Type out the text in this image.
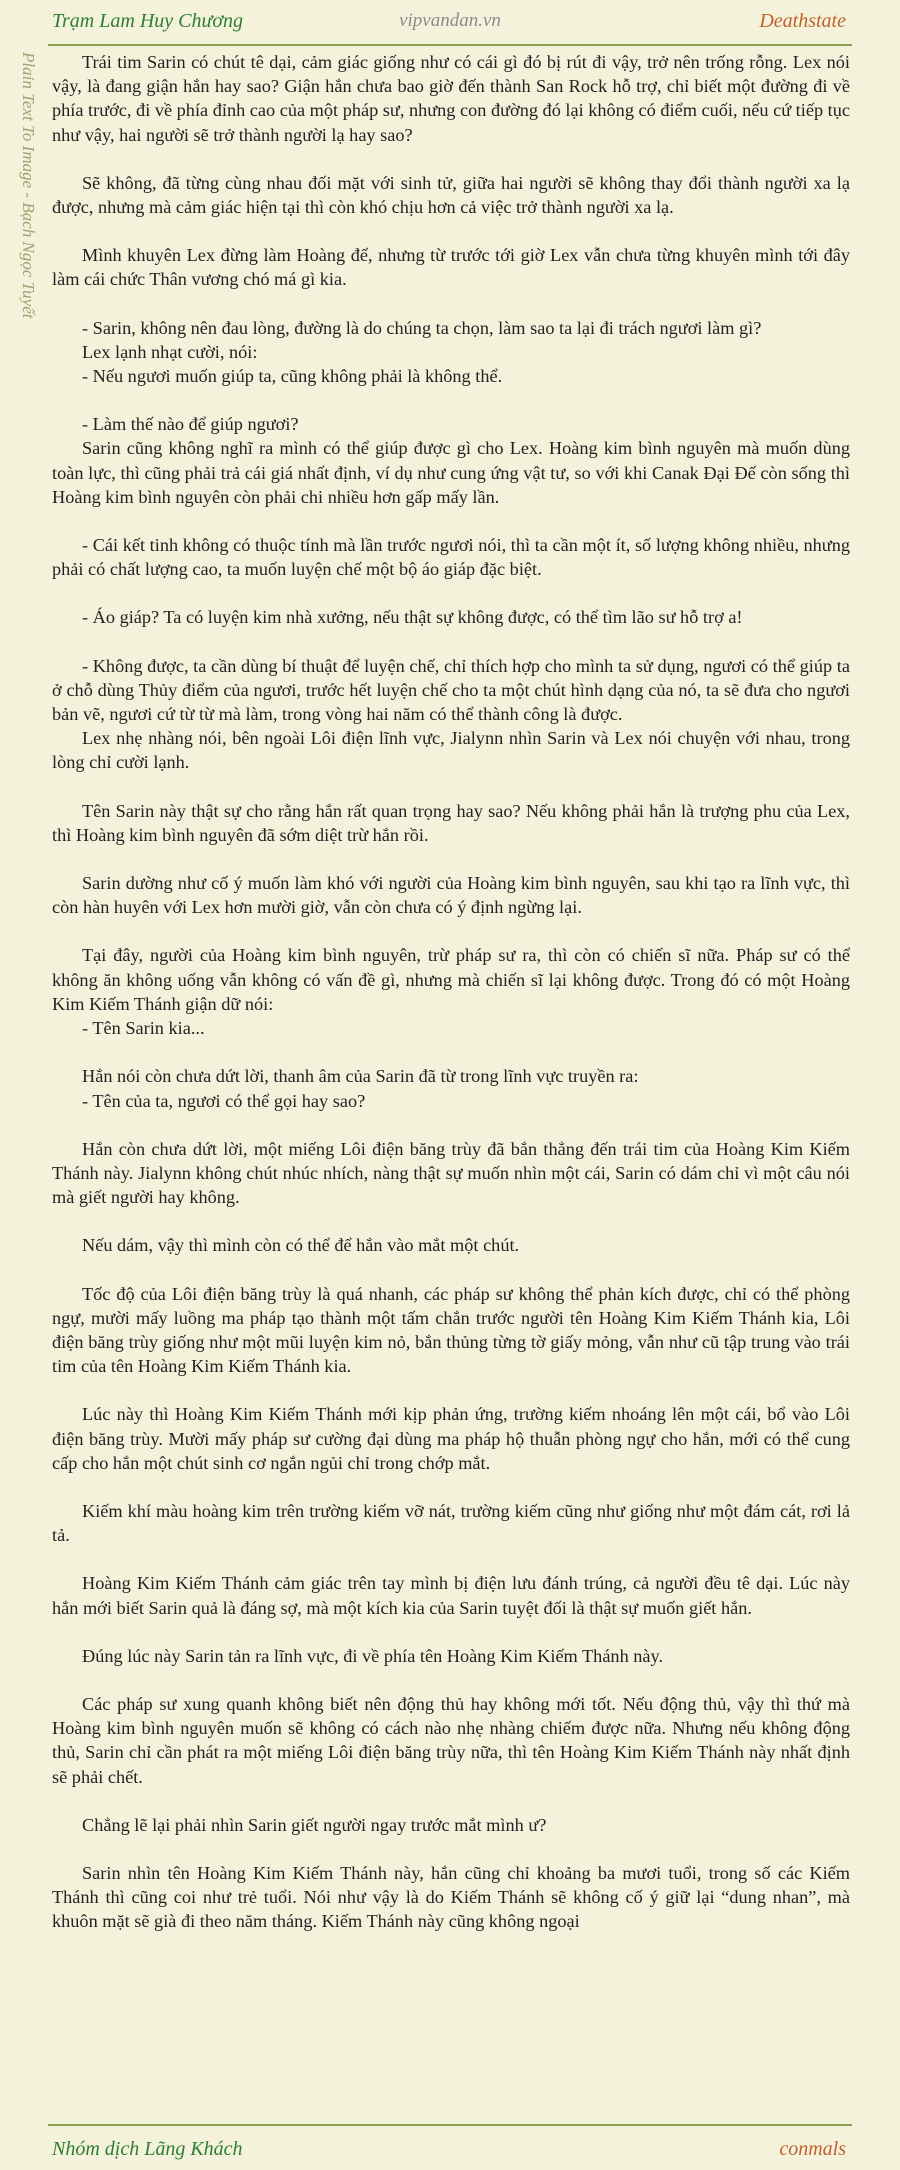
Trạm Lam Huy Chương	vipvandan.vn	Deathstate
Plain Text To Image - Bạch Ngọc Tuyết	Trái tim Sarin có chút tê dại, cảm giác giống như có cái gì đó bị rút đi vậy, trở nên trống rỗng. Lex nói vậy, là đang giận hắn hay sao? Giận hắn chưa bao giờ đến thành San Rock hỗ trợ, chỉ biết một đường đi về phía trước, đi về phía đỉnh cao của một pháp sư, nhưng con đường đó lại không có điểm cuối, nếu cứ tiếp tục như vậy, hai người sẽ trở thành người lạ hay sao?

Sẽ không, đã từng cùng nhau đối mặt với sinh tử, giữa hai người sẽ không thay đổi thành người xa lạ được, nhưng mà cảm giác hiện tại thì còn khó chịu hơn cả việc trở thành người xa lạ.

Mình khuyên Lex đừng làm Hoàng đế, nhưng từ trước tới giờ Lex vẫn chưa từng khuyên mình tới đây làm cái chức Thân vương chó má gì kia.

- Sarin, không nên đau lòng, đường là do chúng ta chọn, làm sao ta lại đi trách ngươi làm gì?

Lex lạnh nhạt cười, nói:

- Nếu ngươi muốn giúp ta, cũng không phải là không thể.

- Làm thế nào để giúp ngươi?

Sarin cũng không nghĩ ra mình có thể giúp được gì cho Lex. Hoàng kim bình nguyên mà muốn dùng toàn lực, thì cũng phải trả cái giá nhất định, ví dụ như cung ứng vật tư, so với khi Canak Đại Đế còn sống thì Hoàng kim bình nguyên còn phải chi nhiều hơn gấp mấy lần.

- Cái kết tinh không có thuộc tính mà lần trước ngươi nói, thì ta cần một ít, số lượng không nhiều, nhưng phải có chất lượng cao, ta muốn luyện chế một bộ áo giáp đặc biệt.

- Áo giáp? Ta có luyện kim nhà xưởng, nếu thật sự không được, có thể tìm lão sư hỗ trợ a!

- Không được, ta cần dùng bí thuật để luyện chế, chỉ thích hợp cho mình ta sử dụng, ngươi có thể giúp ta ở chỗ dùng Thủy điểm của ngươi, trước hết luyện chế cho ta một chút hình dạng của nó, ta sẽ đưa cho ngươi bản vẽ, ngươi cứ từ từ mà làm, trong vòng hai năm có thể thành công là được.

Lex nhẹ nhàng nói, bên ngoài Lôi điện lĩnh vực, Jialynn nhìn Sarin và Lex nói chuyện với nhau, trong lòng chỉ cười lạnh.

Tên Sarin này thật sự cho rằng hắn rất quan trọng hay sao? Nếu không phải hắn là trượng phu của Lex, thì Hoàng kim bình nguyên đã sớm diệt trừ hắn rồi.

Sarin dường như cố ý muốn làm khó với người của Hoàng kim bình nguyên, sau khi tạo ra lĩnh vực, thì còn hàn huyên với Lex hơn mười giờ, vẫn còn chưa có ý định ngừng lại.

Tại đây, người của Hoàng kim bình nguyên, trừ pháp sư ra, thì còn có chiến sĩ nữa. Pháp sư có thể không ăn không uống vẫn không có vấn đề gì, nhưng mà chiến sĩ lại không được. Trong đó có một Hoàng Kim Kiếm Thánh giận dữ nói:

- Tên Sarin kia...

Hắn nói còn chưa dứt lời, thanh âm của Sarin đã từ trong lĩnh vực truyền ra:

- Tên của ta, ngươi có thể gọi hay sao?

Hắn còn chưa dứt lời, một miếng Lôi điện băng trùy đã bắn thẳng đến trái tim của Hoàng Kim Kiếm Thánh này. Jialynn không chút nhúc nhích, nàng thật sự muốn nhìn một cái, Sarin có dám chỉ vì một câu nói mà giết người hay không.

Nếu dám, vậy thì mình còn có thể để hắn vào mắt một chút.

Tốc độ của Lôi điện băng trùy là quá nhanh, các pháp sư không thể phản kích được, chỉ có thể phòng ngự, mười mấy luồng ma pháp tạo thành một tấm chắn trước người tên Hoàng Kim Kiếm Thánh kia, Lôi điện băng trùy giống như một mũi luyện kim nỏ, bắn thủng từng tờ giấy mỏng, vẫn như cũ tập trung vào trái tim của tên Hoàng Kim Kiếm Thánh kia.

Lúc này thì Hoàng Kim Kiếm Thánh mới kịp phản ứng, trường kiếm nhoáng lên một cái, bổ vào Lôi điện băng trùy. Mười mấy pháp sư cường đại dùng ma pháp hộ thuẫn phòng ngự cho hắn, mới có thể cung cấp cho hắn một chút sinh cơ ngắn ngủi chỉ trong chớp mắt.

Kiếm khí màu hoàng kim trên trường kiếm vỡ nát, trường kiếm cũng như giống như một đám cát, rơi lả tả.

Hoàng Kim Kiếm Thánh cảm giác trên tay mình bị điện lưu đánh trúng, cả người đều tê dại. Lúc này hắn mới biết Sarin quả là đáng sợ, mà một kích kia của Sarin tuyệt đối là thật sự muốn giết hắn.

Đúng lúc này Sarin tản ra lĩnh vực, đi về phía tên Hoàng Kim Kiếm Thánh này.

Các pháp sư xung quanh không biết nên động thủ hay không mới tốt. Nếu động thủ, vậy thì thứ mà Hoàng kim bình nguyên muốn sẽ không có cách nào nhẹ nhàng chiếm được nữa. Nhưng nếu không động thủ, Sarin chỉ cần phát ra một miếng Lôi điện băng trùy nữa, thì tên Hoàng Kim Kiếm Thánh này nhất định sẽ phải chết.

Chẳng lẽ lại phải nhìn Sarin giết người ngay trước mắt mình ư?

Sarin nhìn tên Hoàng Kim Kiếm Thánh này, hắn cũng chỉ khoảng ba mươi tuổi, trong số các Kiếm Thánh thì cũng coi như trẻ tuổi. Nói như vậy là do Kiếm Thánh sẽ không cố ý giữ lại “dung nhan”, mà khuôn mặt sẽ già đi theo năm tháng. Kiếm Thánh này cũng không ngoại

Nhóm dịch Lãng Khách	conmals
